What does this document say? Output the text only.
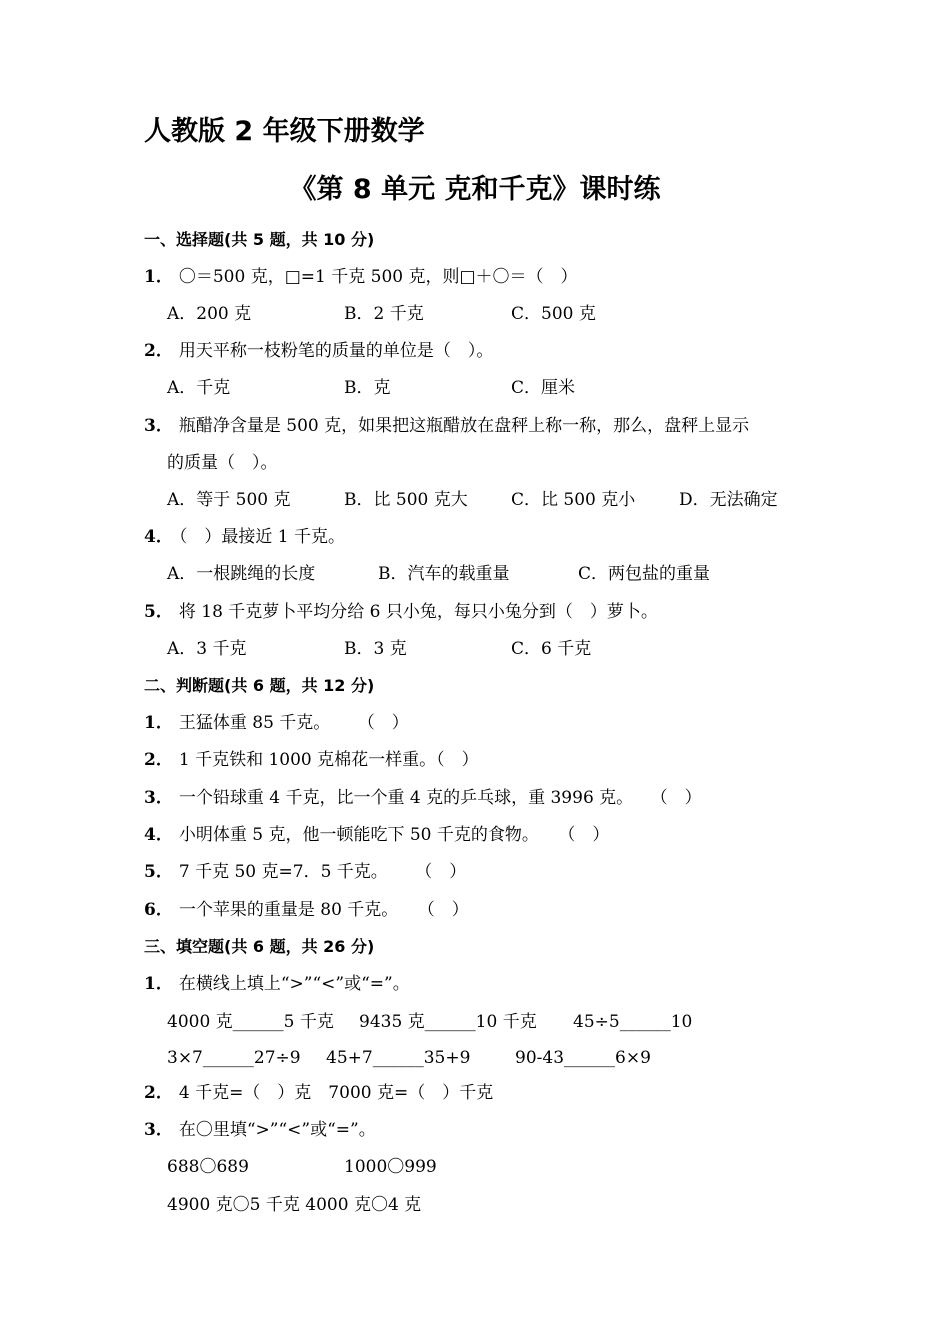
人教版 2 年级下册数学
《第 8 单元 克和千克》课时练
一、选择题(共 5 题，共 10 分)
1． 〇＝500 克，□=1 千克 500 克，则□＋〇＝（　）
A．200 克	B．2 千克	C．500 克
2． 用天平称一枝粉笔的质量的单位是（　）。
A．千克	B．克	C．厘米
3． 瓶醋净含量是 500 克，如果把这瓶醋放在盘秤上称一称，那么，盘秤上显示
的质量（　）。
A．等于 500 克	B．比 500 克大	C．比 500 克小	D．无法确定
4． （　）最接近 1 千克。
A．一根跳绳的长度	B．汽车的载重量	C．两包盐的重量
5． 将 18 千克萝卜平均分给 6 只小兔，每只小兔分到（　）萝卜。
A．3 千克	B．3 克	C．6 千克
二、判断题(共 6 题，共 12 分)
1． 王猛体重 85 千克。 （　）
2． 1 千克铁和 1000 克棉花一样重。（　）
3． 一个铅球重 4 千克，比一个重 4 克的乒乓球，重 3996 克。 （　）
4． 小明体重 5 克，他一顿能吃下 50 千克的食物。 （　）
5． 7 千克 50 克=7．5 千克。 （　）
6． 一个苹果的重量是 80 千克。 （　）
三、填空题(共 6 题，共 26 分)
1． 在横线上填上“>”“<”或“=”。
4000 克______5 千克 9435 克______10 千克 45÷5______10
3×7______27÷9 45+7______35+9	90-43______6×9
2． 4 千克=（　）克　7000 克=（　）千克
3． 在〇里填“>”“<”或“=”。
688〇689	1000〇999
4900 克〇5 千克 4000 克〇4 克
